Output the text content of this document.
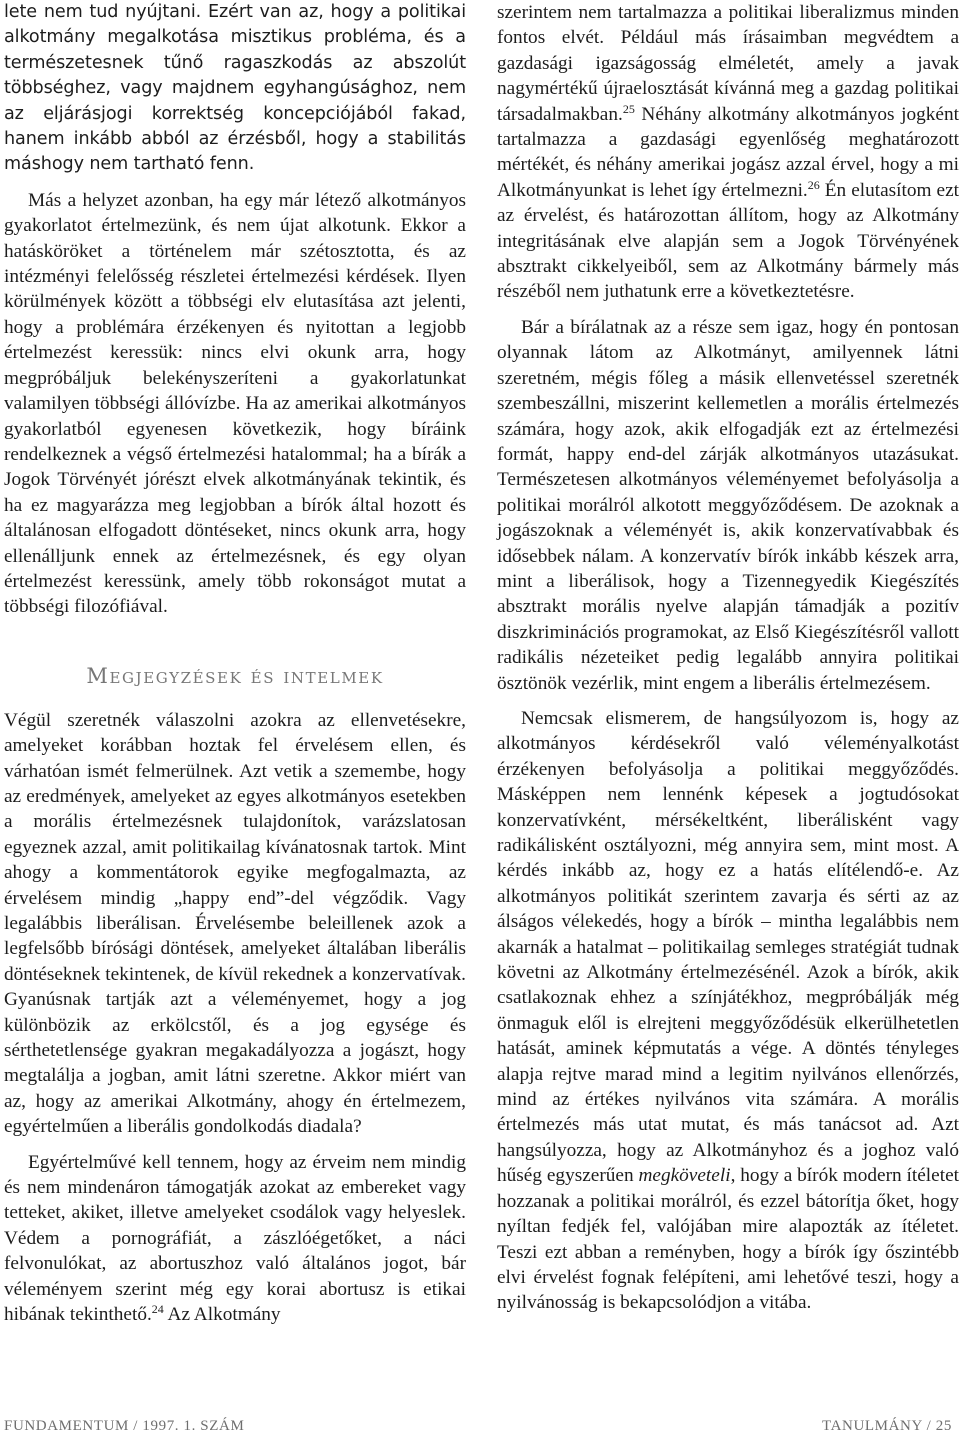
lete nem tud nyújtani. Ezért van az, hogy a politikai alkotmány megalkotása misztikus probléma, és a természetesnek tűnő ragaszkodás az abszolút többséghez, vagy majdnem egyhangúsághoz, nem az eljárásjogi korrektség koncepciójából fakad, hanem inkább abból az érzésből, hogy a stabilitás máshogy nem tartható fenn.

Más a helyzet azonban, ha egy már létező alkotmányos gyakorlatot értelmezünk, és nem újat alkotunk. Ekkor a hatásköröket a történelem már szétosztotta, és az intézményi felelősség részletei értelmezési kérdések. Ilyen körülmények között a többségi elv elutasítása azt jelenti, hogy a problémára érzékenyen és nyitottan a legjobb értelmezést keressük: nincs elvi okunk arra, hogy megpróbáljuk belekényszeríteni a gyakorlatunkat valamilyen többségi állóvízbe. Ha az amerikai alkotmányos gyakorlatból egyenesen következik, hogy bíráink rendelkeznek a végső értelmezési hatalommal; ha a bírák a Jogok Törvényét jórészt elvek alkotmányának tekintik, és ha ez magyarázza meg legjobban a bírók által hozott és általánosan elfogadott döntéseket, nincs okunk arra, hogy ellenálljunk ennek az értelmezésnek, és egy olyan értelmezést keressünk, amely több rokonságot mutat a többségi filozófiával.

Megjegyzések és intelmek

Végül szeretnék válaszolni azokra az ellenvetésekre, amelyeket korábban hoztak fel érvelésem ellen, és várhatóan ismét felmerülnek. Azt vetik a szemembe, hogy az eredmények, amelyeket az egyes alkotmányos esetekben a morális értelmezésnek tulajdonítok, varázslatosan egyeznek azzal, amit politikailag kívánatosnak tartok. Mint ahogy a kommentátorok egyike megfogalmazta, az érvelésem mindig „happy end”-del végződik. Vagy legalábbis liberálisan. Érvelésembe beleillenek azok a legfelsőbb bírósági döntések, amelyeket általában liberális döntéseknek tekintenek, de kívül rekednek a konzervatívak. Gyanúsnak tartják azt a véleményemet, hogy a jog különbözik az erkölcstől, és a jog egysége és sérthetetlensége gyakran megakadályozza a jogászt, hogy megtalálja a jogban, amit látni szeretne. Akkor miért van az, hogy az amerikai Alkotmány, ahogy én értelmezem, egyértelműen a liberális gondolkodás diadala?

Egyértelművé kell tennem, hogy az érveim nem mindig és nem mindenáron támogatják azokat az embereket vagy tetteket, akiket, illetve amelyeket csodálok vagy helyeslek. Védem a pornográfiát, a zászlóégetőket, a náci felvonulókat, az abortuszhoz való általános jogot, bár véleményem szerint még egy korai abortusz is etikai hibának tekinthető.$^{24}$ Az Alkotmány

szerintem nem tartalmazza a politikai liberalizmus minden fontos elvét. Például más írásaimban megvédtem a gazdasági igazságosság elméletét, amely a javak nagymértékű újraelosztását kívánná meg a gazdag politikai társadalmakban.$^{25}$ Néhány alkotmány alkotmányos jogként tartalmazza a gazdasági egyenlőség meghatározott mértékét, és néhány amerikai jogász azzal érvel, hogy a mi Alkotmányunkat is lehet így értelmezni.$^{26}$ Én elutasítom ezt az érvelést, és határozottan állítom, hogy az Alkotmány integritásának elve alapján sem a Jogok Törvényének absztrakt cikkelyeiből, sem az Alkotmány bármely más részéből nem juthatunk erre a következtetésre.

Bár a bírálatnak az a része sem igaz, hogy én pontosan olyannak látom az Alkotmányt, amilyennek látni szeretném, mégis főleg a másik ellenvetéssel szeretnék szembeszállni, miszerint kellemetlen a morális értelmezés számára, hogy azok, akik elfogadják ezt az értelmezési formát, happy end-del zárják alkotmányos utazásukat. Természetesen alkotmányos véleményemet befolyásolja a politikai morálról alkotott meggyőződésem. De azoknak a jogászoknak a véleményét is, akik konzervatívabbak és idősebbek nálam. A konzervatív bírók inkább készek arra, mint a liberálisok, hogy a Tizennegyedik Kiegészítés absztrakt morális nyelve alapján támadják a pozitív diszkriminációs programokat, az Első Kiegészítésről vallott radikális nézeteiket pedig legalább annyira politikai ösztönök vezérlik, mint engem a liberális értelmezésem.

Nemcsak elismerem, de hangsúlyozom is, hogy az alkotmányos kérdésekről való véleményalkotást érzékenyen befolyásolja a politikai meggyőződés. Másképpen nem lennénk képesek a jogtudósokat konzervatívként, mérsékeltként, liberálisként vagy radikálisként osztályozni, még annyira sem, mint most. A kérdés inkább az, hogy ez a hatás elítélendő-e. Az alkotmányos politikát szerintem zavarja és sérti az az álságos vélekedés, hogy a bírók – mintha legalábbis nem akarnák a hatalmat – politikailag semleges stratégiát tudnak követni az Alkotmány értelmezésénél. Azok a bírók, akik csatlakoznak ehhez a színjátékhoz, megpróbálják még önmaguk elől is elrejteni meggyőződésük elkerülhetetlen hatását, aminek képmutatás a vége. A döntés tényleges alapja rejtve marad mind a legitim nyilvános ellenőrzés, mind az értékes nyilvános vita számára. A morális értelmezés más utat mutat, és más tanácsot ad. Azt hangsúlyozza, hogy az Alkotmányhoz és a joghoz való hűség egyszerűen megköveteli, hogy a bírók modern ítéletet hozzanak a politikai morálról, és ezzel bátorítja őket, hogy nyíltan fedjék fel, valójában mire alapozták az ítéletet. Teszi ezt abban a reményben, hogy a bírók így őszintébb elvi érvelést fognak felépíteni, ami lehetővé teszi, hogy a nyilvánosság is bekapcsolódjon a vitába.

FUNDAMENTUM / 1997. 1. SZÁM	TANULMÁNY / 25
